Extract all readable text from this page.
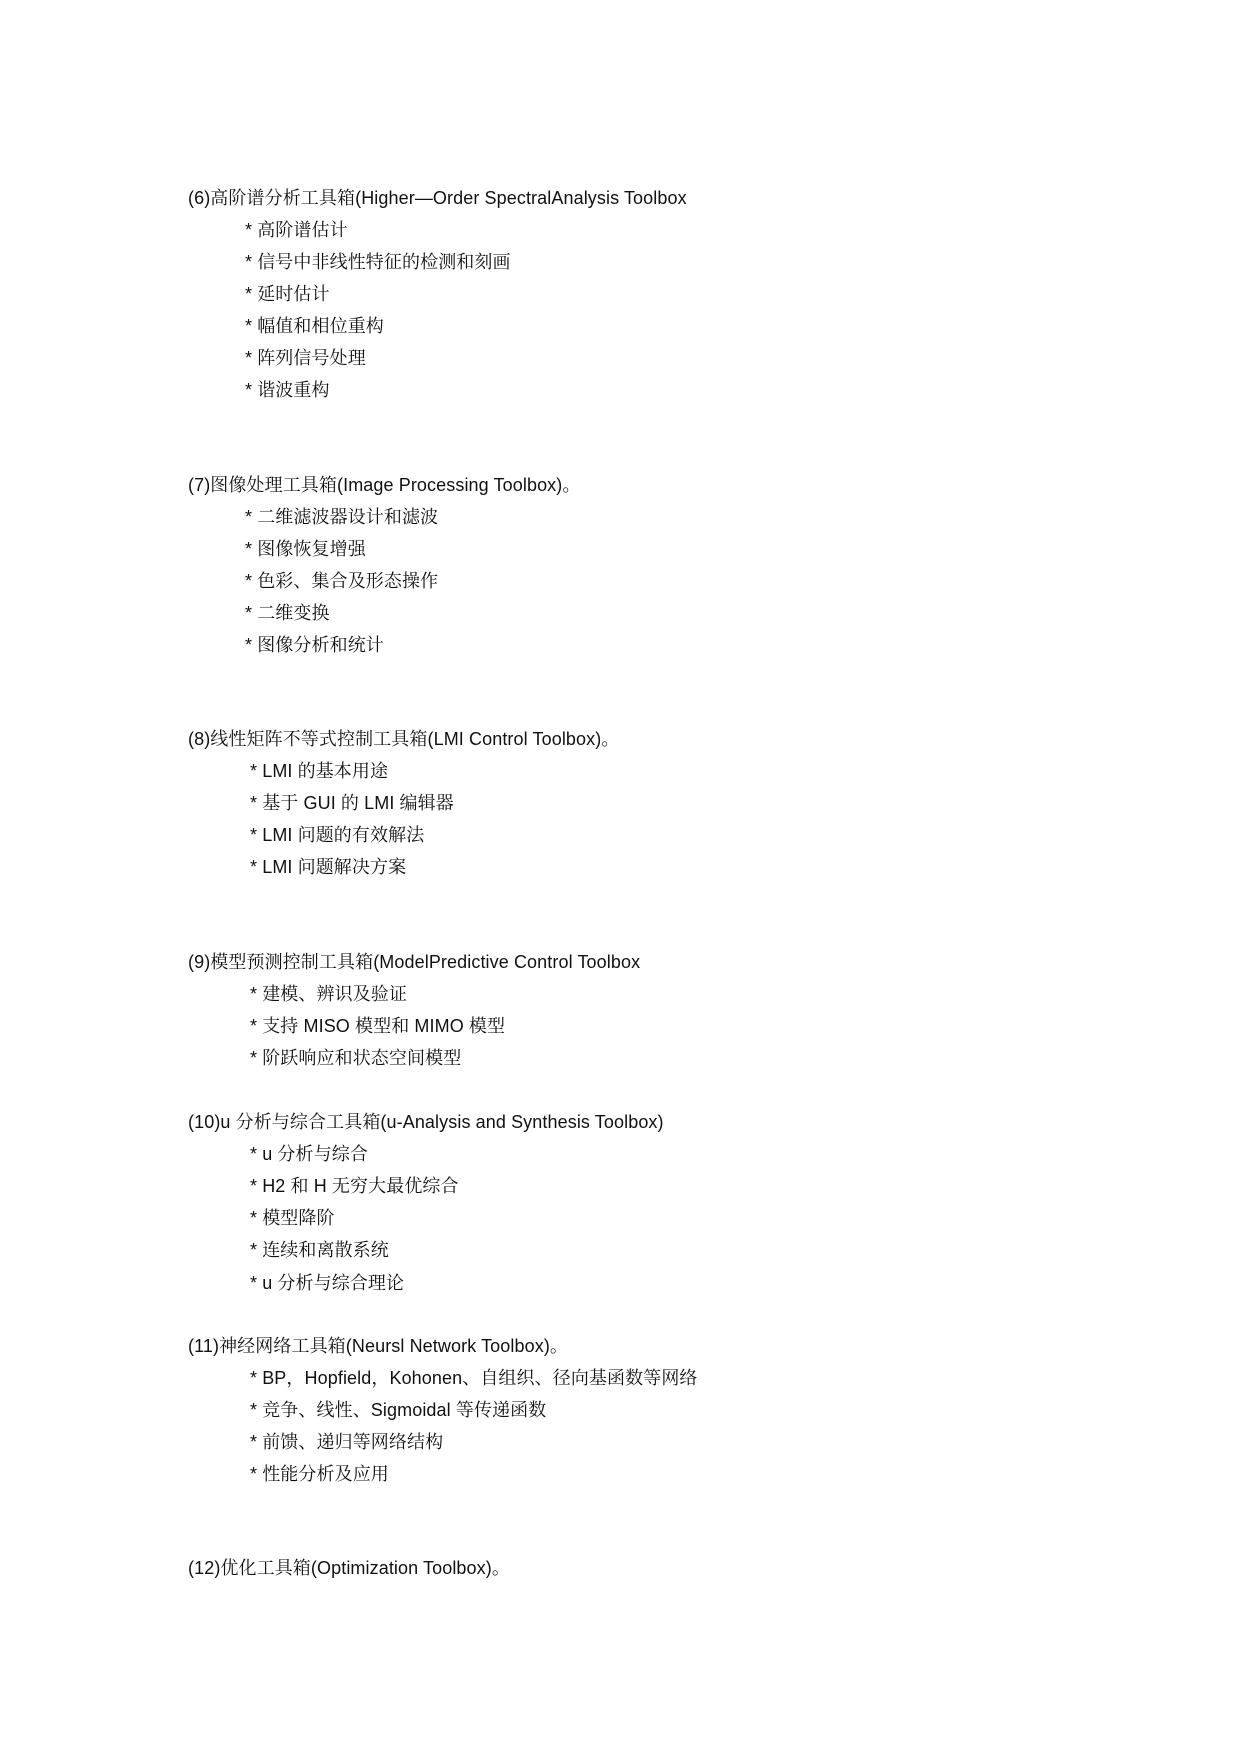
(6)高阶谱分析工具箱(Higher—Order SpectralAnalysis Toolbox
* 高阶谱估计
* 信号中非线性特征的检测和刻画
* 延时估计
* 幅值和相位重构
* 阵列信号处理
* 谐波重构
(7)图像处理工具箱(Image Processing Toolbox)。
* 二维滤波器设计和滤波
* 图像恢复增强
* 色彩、集合及形态操作
* 二维变换
* 图像分析和统计
(8)线性矩阵不等式控制工具箱(LMI Control Toolbox)。
* LMI 的基本用途
* 基于 GUI 的 LMI 编辑器
* LMI 问题的有效解法
* LMI 问题解决方案
(9)模型预测控制工具箱(ModelPredictive Control Toolbox
* 建模、辨识及验证
* 支持 MISO 模型和 MIMO 模型
* 阶跃响应和状态空间模型
(10)u 分析与综合工具箱(u-Analysis and Synthesis Toolbox)
* u 分析与综合
* H2 和 H 无穷大最优综合
* 模型降阶
* 连续和离散系统
* u 分析与综合理论
(11)神经网络工具箱(Neursl Network Toolbox)。
* BP，Hopfield，Kohonen、自组织、径向基函数等网络
* 竞争、线性、Sigmoidal 等传递函数
* 前馈、递归等网络结构
* 性能分析及应用
(12)优化工具箱(Optimization Toolbox)。
